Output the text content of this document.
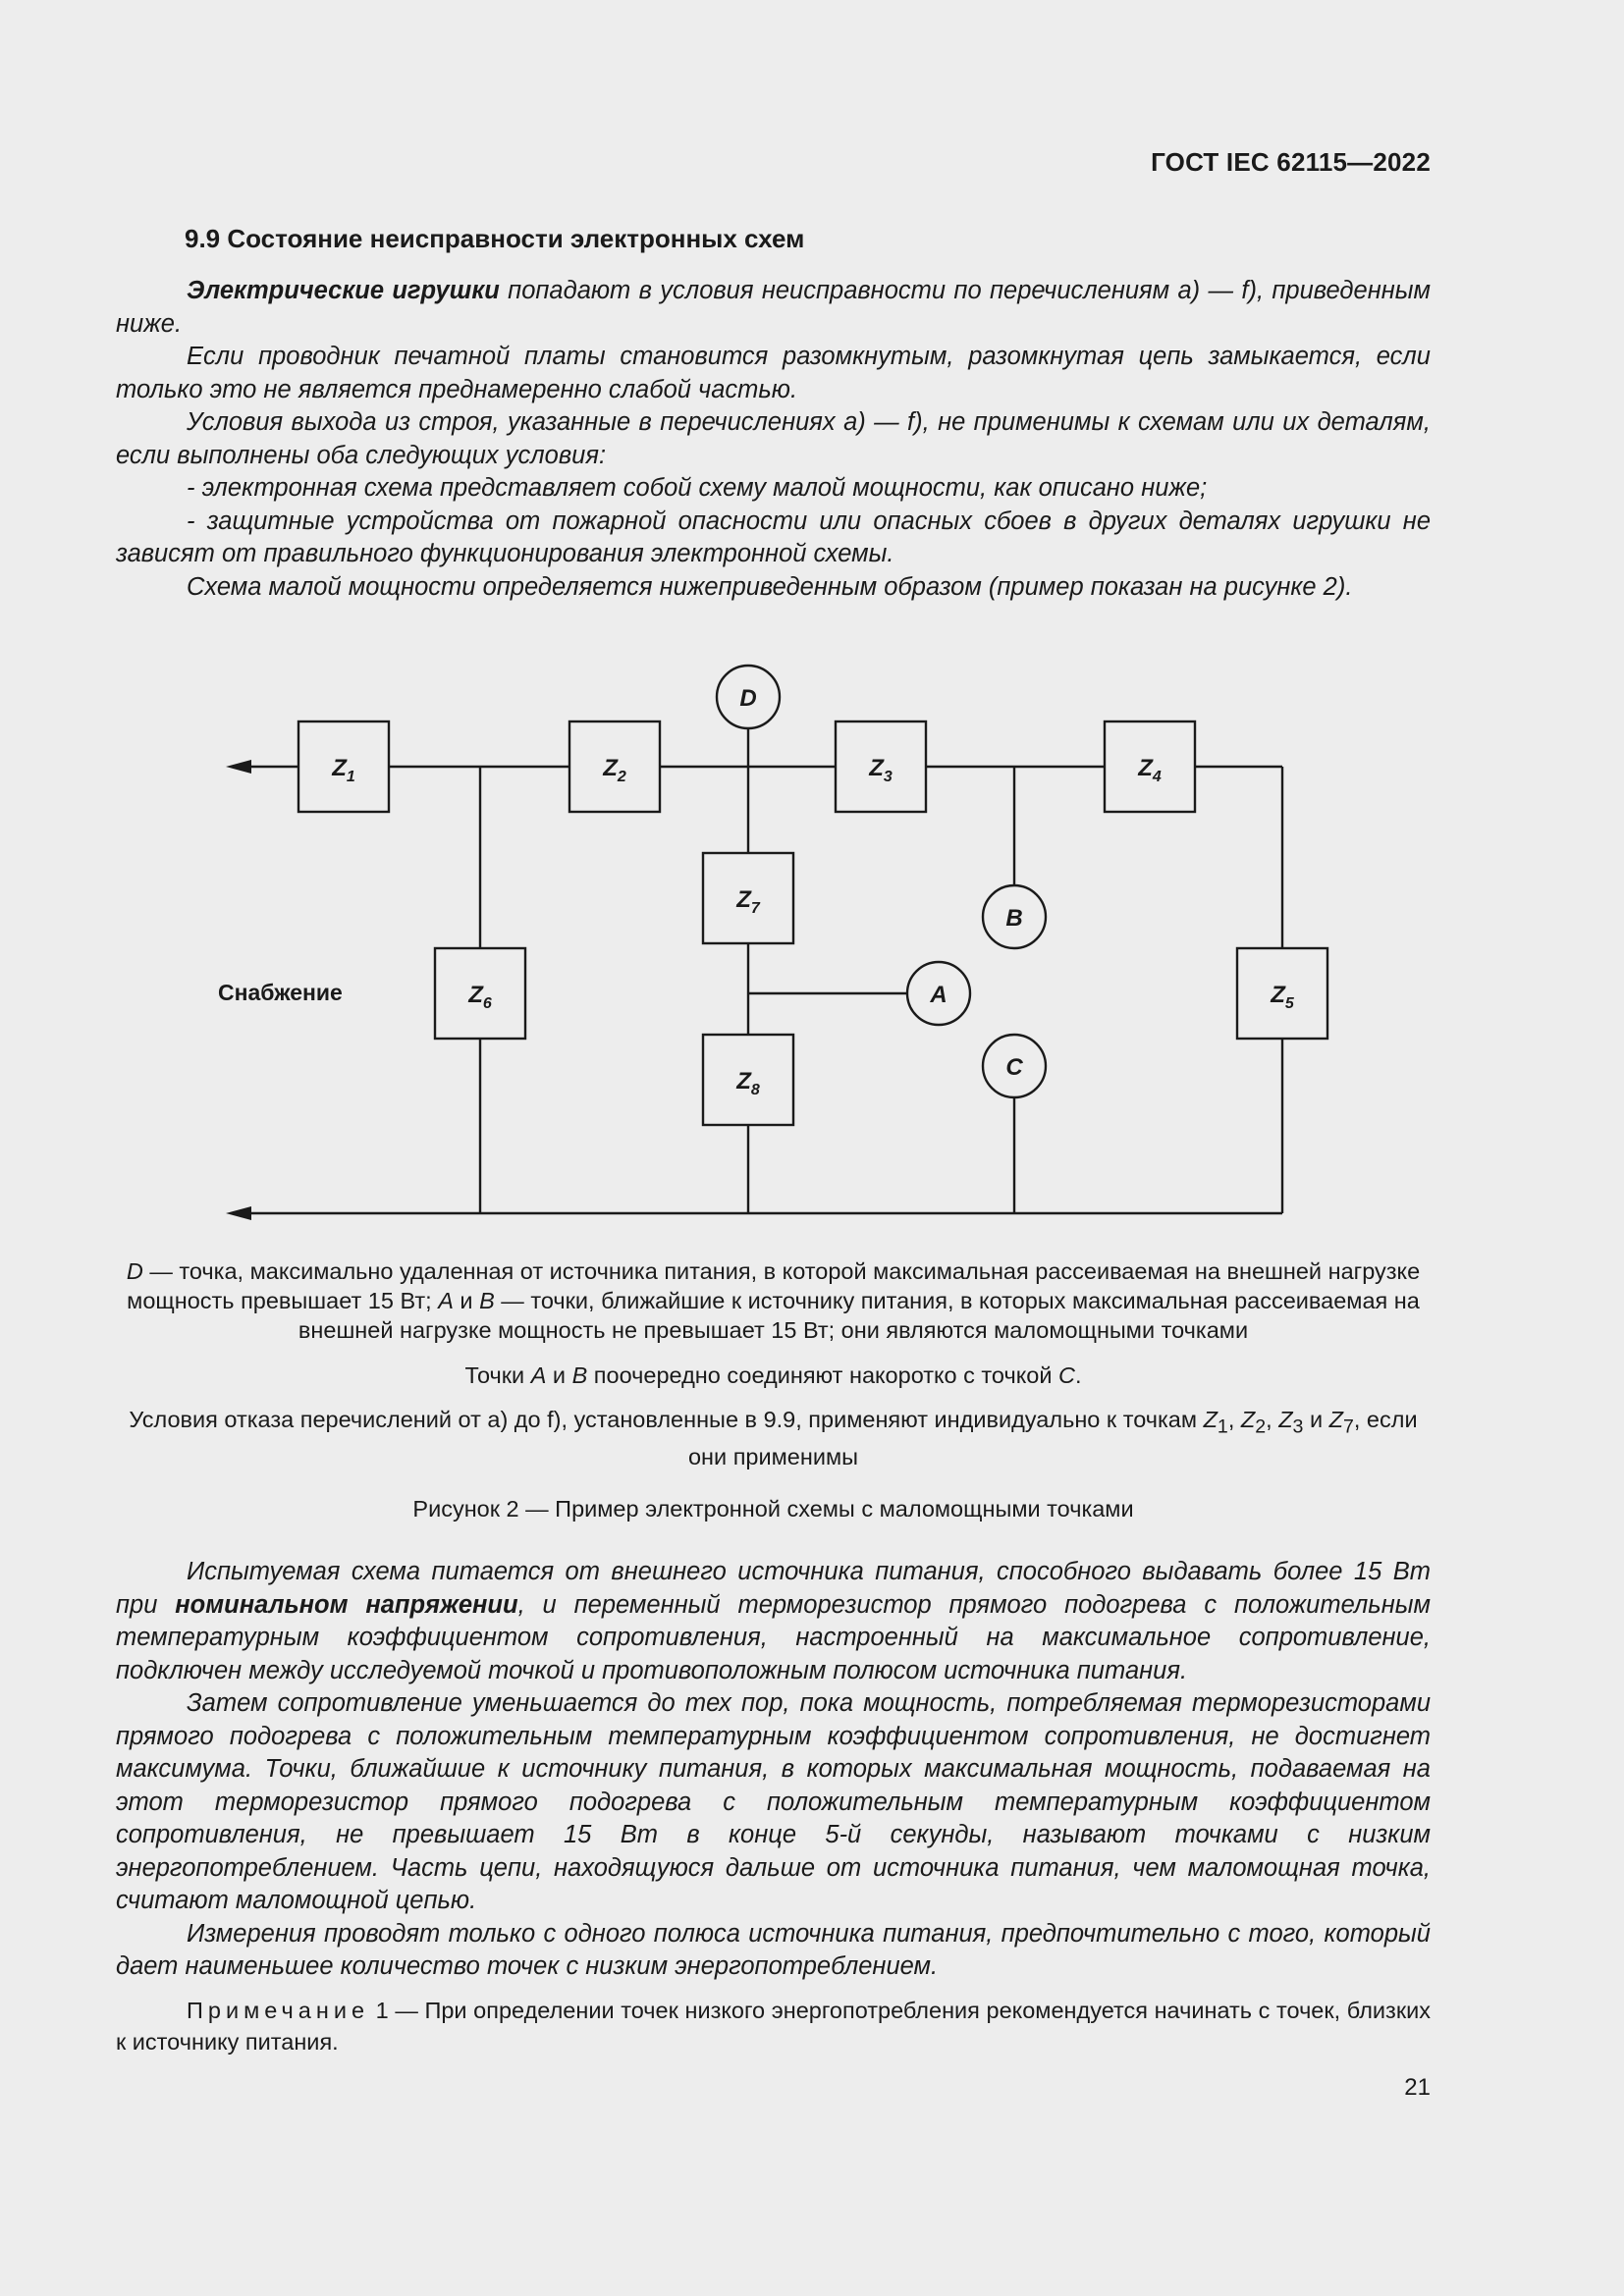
ГОСТ IEC 62115—2022
9.9 Состояние неисправности электронных схем

Электрические игрушки попадают в условия неисправности по перечислениям а) — f), приведенным ниже.

Если проводник печатной платы становится разомкнутым, разомкнутая цепь замыкается, если только это не является преднамеренно слабой частью.

Условия выхода из строя, указанные в перечислениях а) — f), не применимы к схемам или их деталям, если выполнены оба следующих условия:

- электронная схема представляет собой схему малой мощности, как описано ниже;

- защитные устройства от пожарной опасности или опасных сбоев в других деталях игрушки не зависят от правильного функционирования электронной схемы.

Схема малой мощности определяется нижеприведенным образом (пример показан на рисунке 2).

$Z_1$	$Z_2$	$Z_3$	$Z_4$
$Z_5$
$Z_6$
$Z_7$
$Z_8$
D
B
A
C
Снабжение
D — точка, максимально удаленная от источника питания, в которой максимальная рассеиваемая на внешней нагрузке мощность превышает 15 Вт; A и B — точки, ближайшие к источнику питания, в которых максимальная рассеиваемая на внешней нагрузке мощность не превышает 15 Вт; они являются маломощными точками
Точки A и B поочередно соединяют накоротко с точкой C.
Условия отказа перечислений от а) до f), установленные в 9.9, применяют индивидуально к точкам $Z_1$, $Z_2$, $Z_3$ и $Z_7$, если они применимы
Рисунок 2 — Пример электронной схемы с маломощными точками

Испытуемая схема питается от внешнего источника питания, способного выдавать более 15 Вт при номинальном напряжении, и переменный терморезистор прямого подогрева с положительным температурным коэффициентом сопротивления, настроенный на максимальное сопротивление, подключен между исследуемой точкой и противоположным полюсом источника питания.

Затем сопротивление уменьшается до тех пор, пока мощность, потребляемая терморезисторами прямого подогрева с положительным температурным коэффициентом сопротивления, не достигнет максимума. Точки, ближайшие к источнику питания, в которых максимальная мощность, подаваемая на этот терморезистор прямого подогрева с положительным температурным коэффициентом сопротивления, не превышает 15 Вт в конце 5-й секунды, называют точками с низким энергопотреблением. Часть цепи, находящуюся дальше от источника питания, чем маломощная точка, считают маломощной цепью.

Измерения проводят только с одного полюса источника питания, предпочтительно с того, который дает наименьшее количество точек с низким энергопотреблением.

Примечание 1 — При определении точек низкого энергопотребления рекомендуется начинать с точек, близких к источнику питания.

21
